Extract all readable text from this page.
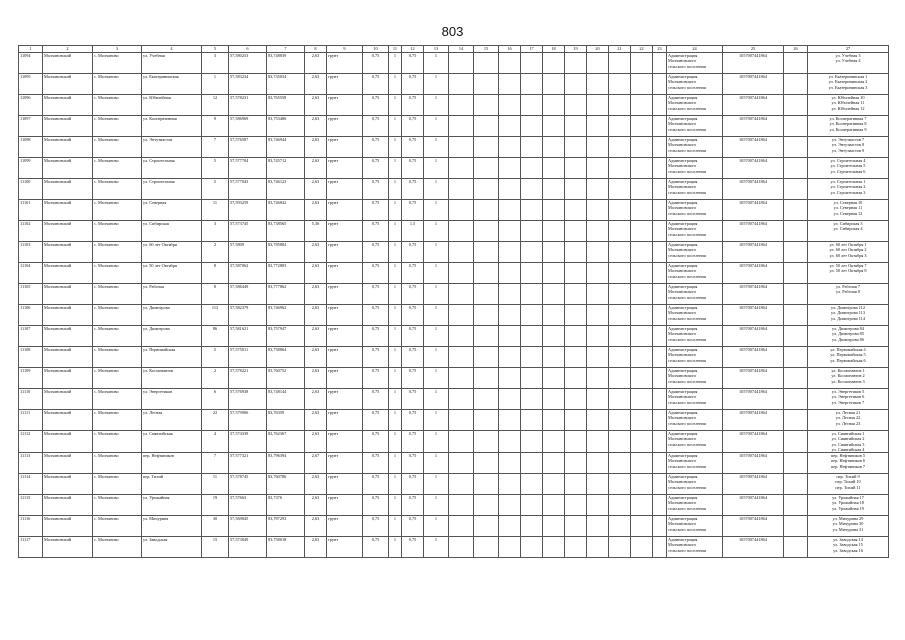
803
1	2	3	4	5	6	7	8	9	10	11	12	13	14	15	16	17	18	19	20	21	22	23	24	25	26	27
11094	Молчановский	с. Молчаново	ул. Учебная	3	57,580253	83,748839	2,63	грунт	0,75	1	0,75	1											Администрация
Молчановского
сельского поселения	1057007441864		ул. Учебная 3
ул. Учебная 4

11095	Молчановский	с. Молчаново	ул. Екатерининская	1	57,583234	83,735034	2,63	грунт	0,75	1	0,75	1											Администрация
Молчановского
сельского поселения	1057007441864		ул. Екатерининская 1
ул. Екатерининская 2
ул. Екатерининская 3

11096	Молчановский	с. Молчаново	ул. Юбилейная	12	57,578231	83,765558	2,63	грунт	0,75	1	0,75	1											Администрация
Молчановского
сельского поселения	1057007441864		ул. Юбилейная 10
ул. Юбилейная 11
ул. Юбилейная 12

11097	Молчановский	с. Молчаново	ул. Кооперативная	9	57,586969	83,753486	2,63	грунт	0,75	1	0,75	1											Администрация
Молчановского
сельского поселения	1057007441864		ул. Кооперативная 7
ул. Кооперативная 8
ул. Кооперативная 9

11098	Молчановский	с. Молчаново	ул. Энтузиастов	7	57,576587	83,746944	2,63	грунт	0,75	1	0,75	1											Администрация
Молчановского
сельского поселения	1057007441864		ул. Энтузиастов 7
ул. Энтузиастов 8
ул. Энтузиастов 9

11099	Молчановский	с. Молчаново	ул. Строительная	5	57,577704	83,745712	2,63	грунт	0,75	1	0,75	1											Администрация
Молчановского
сельского поселения	1057007441864		ул. Строительная 4
ул. Строительная 5
ул. Строительная 6

11100	Молчановский	с. Молчаново	ул. Строительная	5	57,577043	83,746123	2,63	грунт	0,75	1	0,75	1											Администрация
Молчановского
сельского поселения	1057007441864		ул. Строительная 1
ул. Строительная 2
ул. Строительная 3

11101	Молчановский	с. Молчаново	ул. Северная	11	57,593259	83,746842	2,63	грунт	0,75	1	0,75	1											Администрация
Молчановского
сельского поселения	1057007441864		ул. Северная 10
ул. Северная 11
ул. Северная 12

11102	Молчановский	с. Молчаново	ул. Сибирская	3	57,573745	83,738565	5,36	грунт	0,75	1	1,5	1											Администрация
Молчановского
сельского поселения	1057007441864		ул. Сибирская 3
ул. Сибирская 4

11103	Молчановский	с. Молчаново	ул. 60 лет Октября	2	57,5809	83,785884	2,63	грунт	0,75	1	0,75	1											Администрация
Молчановского
сельского поселения	1057007441864		ул. 60 лет Октября 1
ул. 60 лет Октября 2
ул. 60 лет Октября 3

11104	Молчановский	с. Молчаново	ул. 50 лет Октября	8	57,587062	83,772883	2,63	грунт	0,75	1	0,75	1											Администрация
Молчановского
сельского поселения	1057007441864		ул. 50 лет Октября 7
ул. 50 лет Октября 8

11105	Молчановский	с. Молчаново	ул. Рабочая	8	57,586449	83,777862	2,63	грунт	0,75	1	0,75	1											Администрация
Молчановского
сельского поселения	1057007441864		ул. Рабочая 7
ул. Рабочая 8

11106	Молчановский	с. Молчаново	ул. Димитрова	113	57,582379	83,746962	2,63	грунт	0,75	1	0,75	1											Администрация
Молчановского
сельского поселения	1057007441864		ул. Димитрова 112
ул. Димитрова 113
ул. Димитрова 114

11107	Молчановский	с. Молчаново	ул. Димитрова	86	57,581621	83,757947	2,63	грунт	0,75	1	0,75	1											Администрация
Молчановского
сельского поселения	1057007441864		ул. Димитрова 84
ул. Димитрова 85
ул. Димитрова 86

11108	Молчановский	с. Молчаново	ул. Первомайская	5	57,575011	83,758864	2,63	грунт	0,75	1	0,75	1											Администрация
Молчановского
сельского поселения	1057007441864		ул. Первомайская 4
ул. Первомайская 5
ул. Первомайская 6

11109	Молчановский	с. Молчаново	ул. Космонавтов	2	57,578221	83,760752	2,63	грунт	0,75	1	0,75	1											Администрация
Молчановского
сельского поселения	1057007441864		ул. Космонавтов 1
ул. Космонавтов 2
ул. Космонавтов 3

11110	Молчановский	с. Молчаново	ул. Энергетиков	6	57,576938	83,748144	2,63	грунт	0,75	1	0,75	1											Администрация
Молчановского
сельского поселения	1057007441864		ул. Энергетиков 5
ул. Энергетиков 6
ул. Энергетиков 7

11111	Молчановский	с. Молчаново	ул. Лесная	22	57,579906	83,76359	2,63	грунт	0,75	1	0,75	1											Администрация
Молчановского
сельского поселения	1057007441864		ул. Лесная 21
ул. Лесная 22
ул. Лесная 23

11112	Молчановский	с. Молчаново	ул. Сиявтийская	4	57,574339	83,762367	2,63	грунт	0,75	1	0,75	1											Администрация
Молчановского
сельского поселения	1057007441864		ул. Сиявтийская 1
ул. Сиявтийская 2
ул. Сиявтийская 3
ул. Сиявтийская 4

11113	Молчановский	с. Молчаново	пер. Нефтяников	7	57,577321	83,796394	2,67	грунт	0,75	1	0,75	1											Администрация
Молчановского
сельского поселения	1057007441864		пер. Нефтяников 5
пер. Нефтяников 6
пер. Нефтяников 7

11114	Молчановский	с. Молчаново	пер. Тихий	11	57,578745	83,760786	2,63	грунт	0,75	1	0,75	1											Администрация
Молчановского
сельского поселения	1057007441864		пер. Тихий 9
пер. Тихий 10
пер. Тихий 11

11115	Молчановский	с. Молчаново	ул. Урожайная	19	57,57663	83,7376	2,63	грунт	0,75	1	0,75	1											Администрация
Молчановского
сельского поселения	1057007441864		ул. Урожайная 17
ул. Урожайная 18
ул. Урожайная 19

11116	Молчановский	с. Молчаново	ул. Мичурина	30	57,569845	83,787293	2,63	грунт	0,75	1	0,75	1											Администрация
Молчановского
сельского поселения	1057007441864		ул. Мичурина 29
ул. Мичурина 30
ул. Мичурина 31

11117	Молчановский	с. Молчаново	ул. Заводская	15	57,573049	83,758018	2,63	грунт	0,75	1	0,75	1											Администрация
Молчановского
сельского поселения	1057007441864		ул. Заводская 14
ул. Заводская 15
ул. Заводская 16
